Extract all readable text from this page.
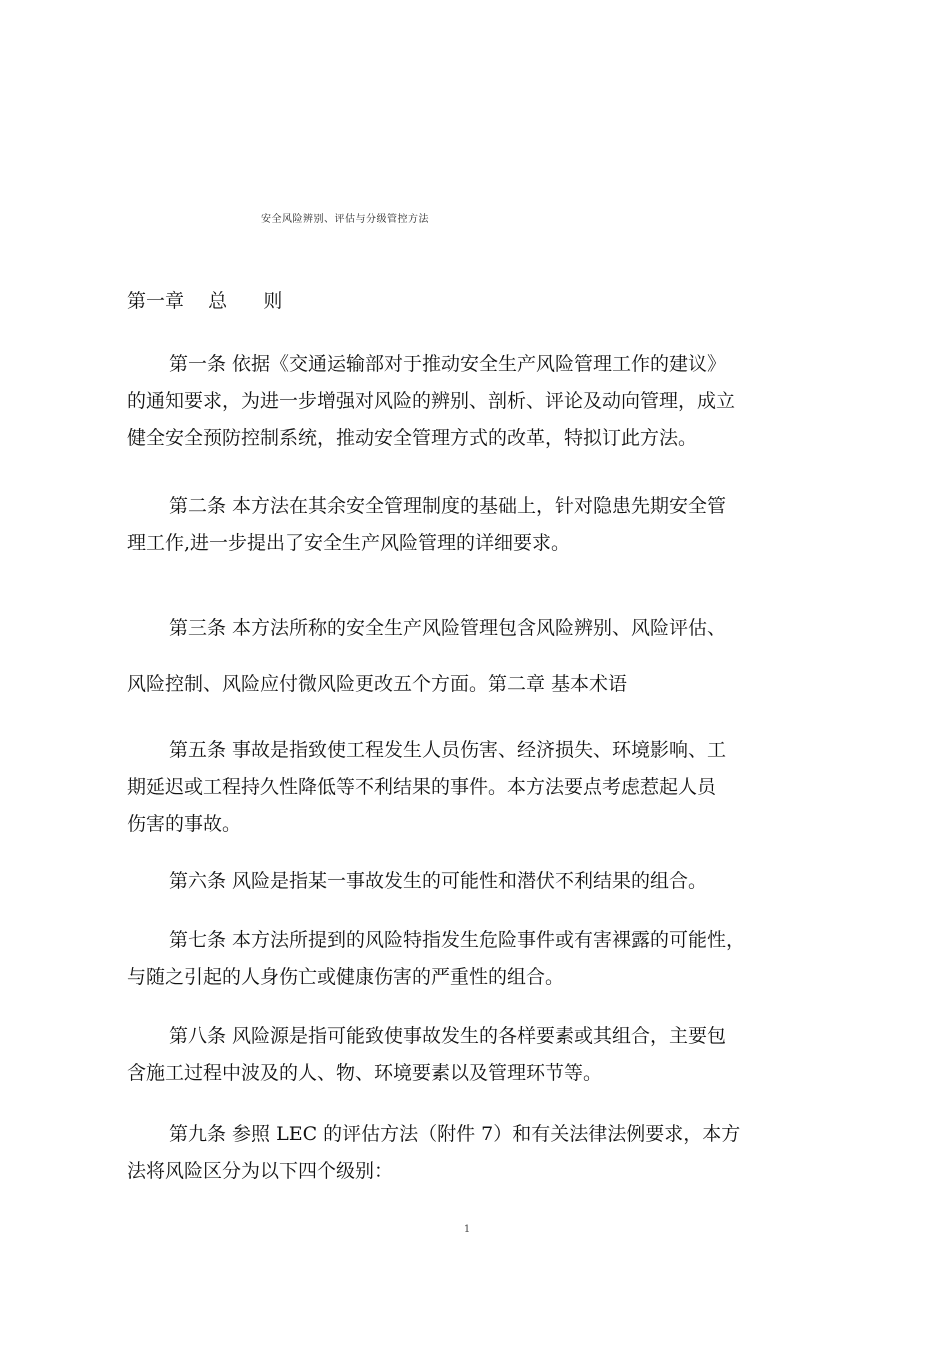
安全风险辨别、评估与分级管控方法
第一章    总      则
第一条 依据《交通运输部对于推动安全生产风险管理工作的建议》
的通知要求，为进一步增强对风险的辨别、剖析、评论及动向管理，成立
健全安全预防控制系统，推动安全管理方式的改革，特拟订此方法。
第二条 本方法在其余安全管理制度的基础上，针对隐患先期安全管
理工作,进一步提出了安全生产风险管理的详细要求。
第三条 本方法所称的安全生产风险管理包含风险辨别、风险评估、
风险控制、风险应付微风险更改五个方面。第二章 基本术语
第五条 事故是指致使工程发生人员伤害、经济损失、环境影响、工
期延迟或工程持久性降低等不利结果的事件。本方法要点考虑惹起人员
伤害的事故。
第六条 风险是指某一事故发生的可能性和潜伏不利结果的组合。
第七条 本方法所提到的风险特指发生危险事件或有害裸露的可能性，
与随之引起的人身伤亡或健康伤害的严重性的组合。
第八条 风险源是指可能致使事故发生的各样要素或其组合，主要包
含施工过程中波及的人、物、环境要素以及管理环节等。
第九条 参照 LEC 的评估方法（附件 7）和有关法律法例要求，本方
法将风险区分为以下四个级别：
1
